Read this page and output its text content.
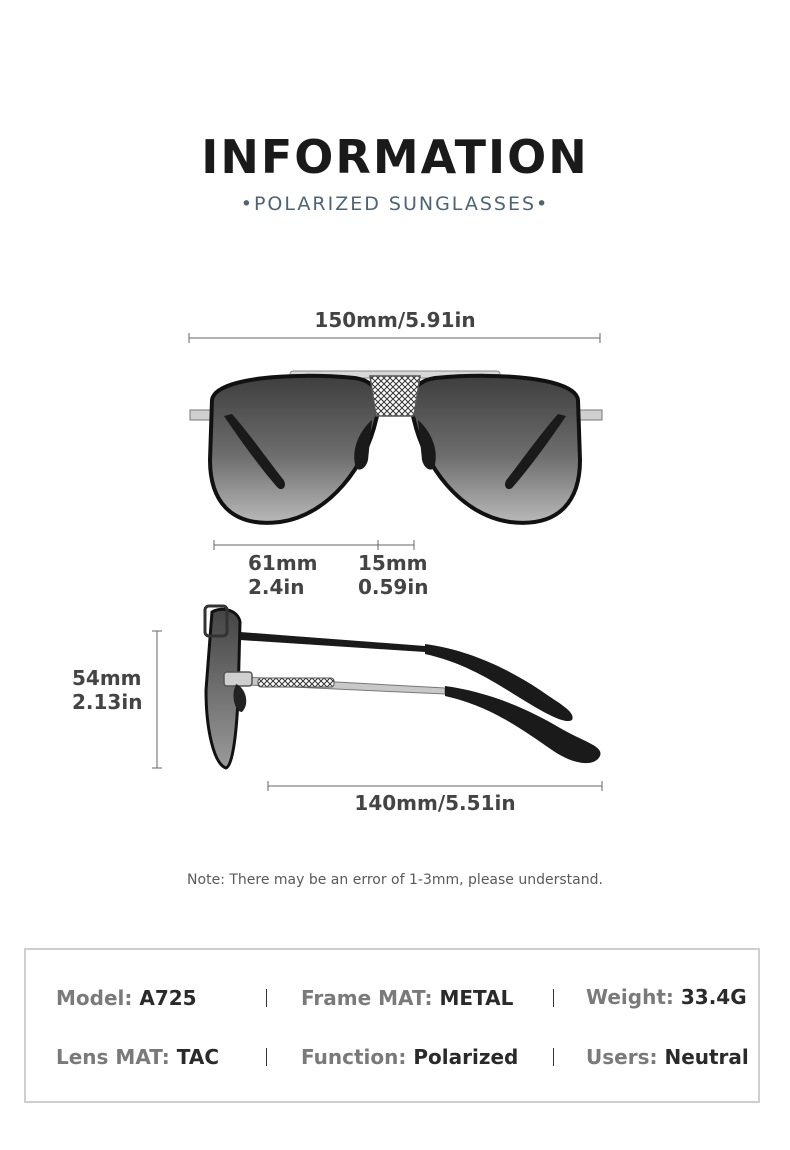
INFORMATION
•POLARIZED SUNGLASSES•
150mm/5.91in
61mm
2.4in
15mm
0.59in
54mm
2.13in
140mm/5.51in
Note: There may be an error of 1-3mm, please understand.
Model: A725	Frame MAT: METAL	Weight: 33.4G
Lens MAT: TAC	Function: Polarized	Users: Neutral
